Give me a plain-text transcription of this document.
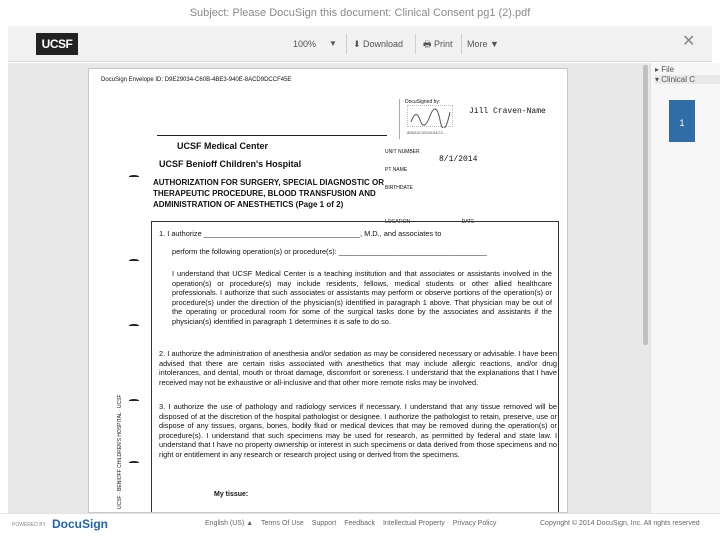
Subject: Please DocuSign this document: Clinical Consent pg1 (2).pdf
UCSF	100%	▼	⬇ Download	🖶 Print	More ▼	✕
DocuSign Envelope ID: D9E29034-C60B-4BE3-940E-8ACD9DCCF45E
DocuSigned by:
Jill Craven-Name
8B5A3C0094154C3...
UCSF Medical Center
UCSF Benioff Children's Hospital
AUTHORIZATION FOR SURGERY, SPECIAL DIAGNOSTIC OR THERAPEUTIC PROCEDURE, BLOOD TRANSFUSION AND ADMINISTRATION OF ANESTHETICS (Page 1 of 2)
UNIT NUMBER
PT NAME
BIRTHDATE
8/1/2014
LOCATION	DATE
1. I authorize ______________________________________, M.D., and associates to
perform the following operation(s) or procedure(s): ____________________________________
I understand that UCSF Medical Center is a teaching institution and that associates or assistants involved in the operation(s) or procedure(s) may include residents, fellows, medical students or other allied healthcare professionals. I authorize that such associates or assistants may perform or observe portions of the operation(s) or procedure(s) under the direction of the physician(s) identified in paragraph 1 above. That physician may be out of the operating or procedural room for some of the surgical tasks done by the associates and assistants if the physician(s) identified in paragraph 1 determines it is safe to do so.
2. I authorize the administration of anesthesia and/or sedation as may be considered necessary or advisable. I have been advised that there are certain risks associated with anesthetics that may include allergic reactions, and/or drug intolerances, and dental, mouth or throat damage, discomfort or soreness. I understand that the explanations that I have received may not be exhaustive or all-inclusive and that other more remote risks may be involved.
3. I authorize the use of pathology and radiology services if necessary. I understand that any tissue removed will be disposed of at the discretion of the hospital pathologist or designee. I authorize the pathologist to retain, preserve, use or dispose of any tissues, organs, bones, bodily fluid or medical devices that may be removed during the operation(s) or procedure(s). I understand that such specimens may be used for research, as permitted by federal and state law. I understand that I have no property ownership or interest in such specimens or data derived from those specimens and no right or entitlement in any research or research project using or derived from the specimens.
My tissue:
UCSF · BENIOFF CHILDREN'S HOSPITAL · UCSF
▸ File
▾ Clinical C
1
POWERED BY DocuSign	English (US) ▲ Terms Of Use Support Feedback Intellectual Property Privacy Policy	Copyright © 2014 DocuSign, Inc. All rights reserved
